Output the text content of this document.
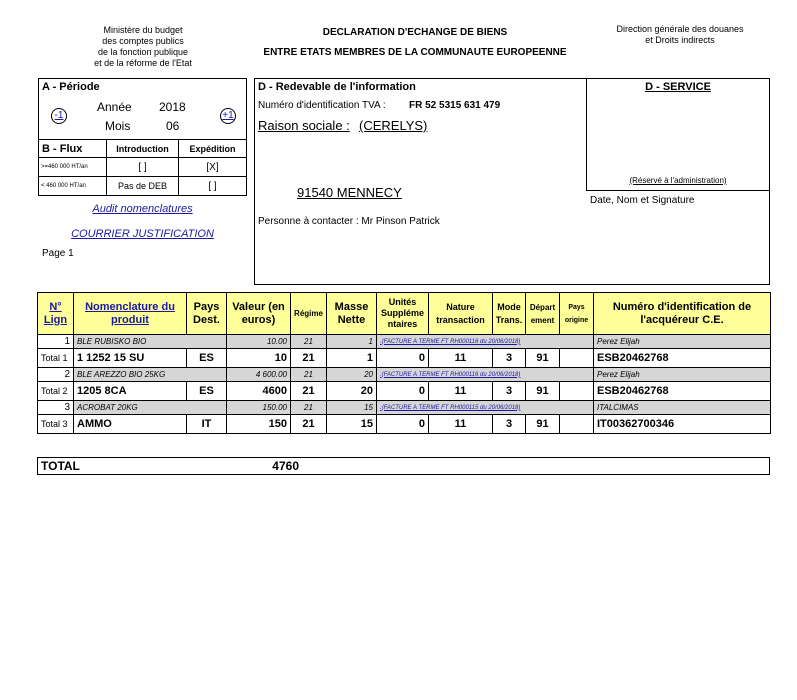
Ministère du budget
des comptes publics
de la fonction publique
et de la réforme de l'Etat
DECLARATION D'ECHANGE DE BIENS
ENTRE ETATS MEMBRES DE LA COMMUNAUTE EUROPEENNE
Direction générale des douanes
et Droits indirects
A - Période
Année 2018
Mois	06
-1	+1
B - Flux	Introduction	Expédition
>=460 000 HT/an	[ ]	[X]
< 460 000 HT/an	Pas de DEB	[ ]
Audit nomenclatures
COURRIER JUSTIFICATION
Page 1
D - Redevable de l'information
Numéro d'identification TVA : FR 52 5315 631 479
Raison sociale : (CERELYS)
91540 MENNECY
Personne à contacter : Mr Pinson Patrick
D - SERVICE
(Réservé à l'administration)
Date, Nom et Signature
N° Lign	Nomenclature du produit	Pays Dest.	Valeur (en euros)	Régime	Masse Nette	Unités Suppléme ntaires	Nature transaction	Mode Trans.	Départ ement	Pays origine	Numéro d'identification de l'acquéreur C.E.
1	BLE RUBISKO BIO		10.00	21	1	.(FACTURE A TERME FT RH000116 du 20/06/2018)					Perez Elijah
Total 1	1 1252 15 SU	ES	10	21	1	0	11	3	91		ESB20462768
2	BLE AREZZO BIO 25KG		4 600.00	21	20	.(FACTURE A TERME FT RH000116 du 20/06/2018)					Perez Elijah
Total 2	1205 8CA	ES	4600	21	20	0	11	3	91		ESB20462768
3	ACROBAT 20KG		150.00	21	15	.(FACTURE A TERME FT RH000115 du 20/06/2018)					ITALCIMAS
Total 3	AMMO	IT	150	21	15	0	11	3	91		IT00362700346
TOTAL	4760
